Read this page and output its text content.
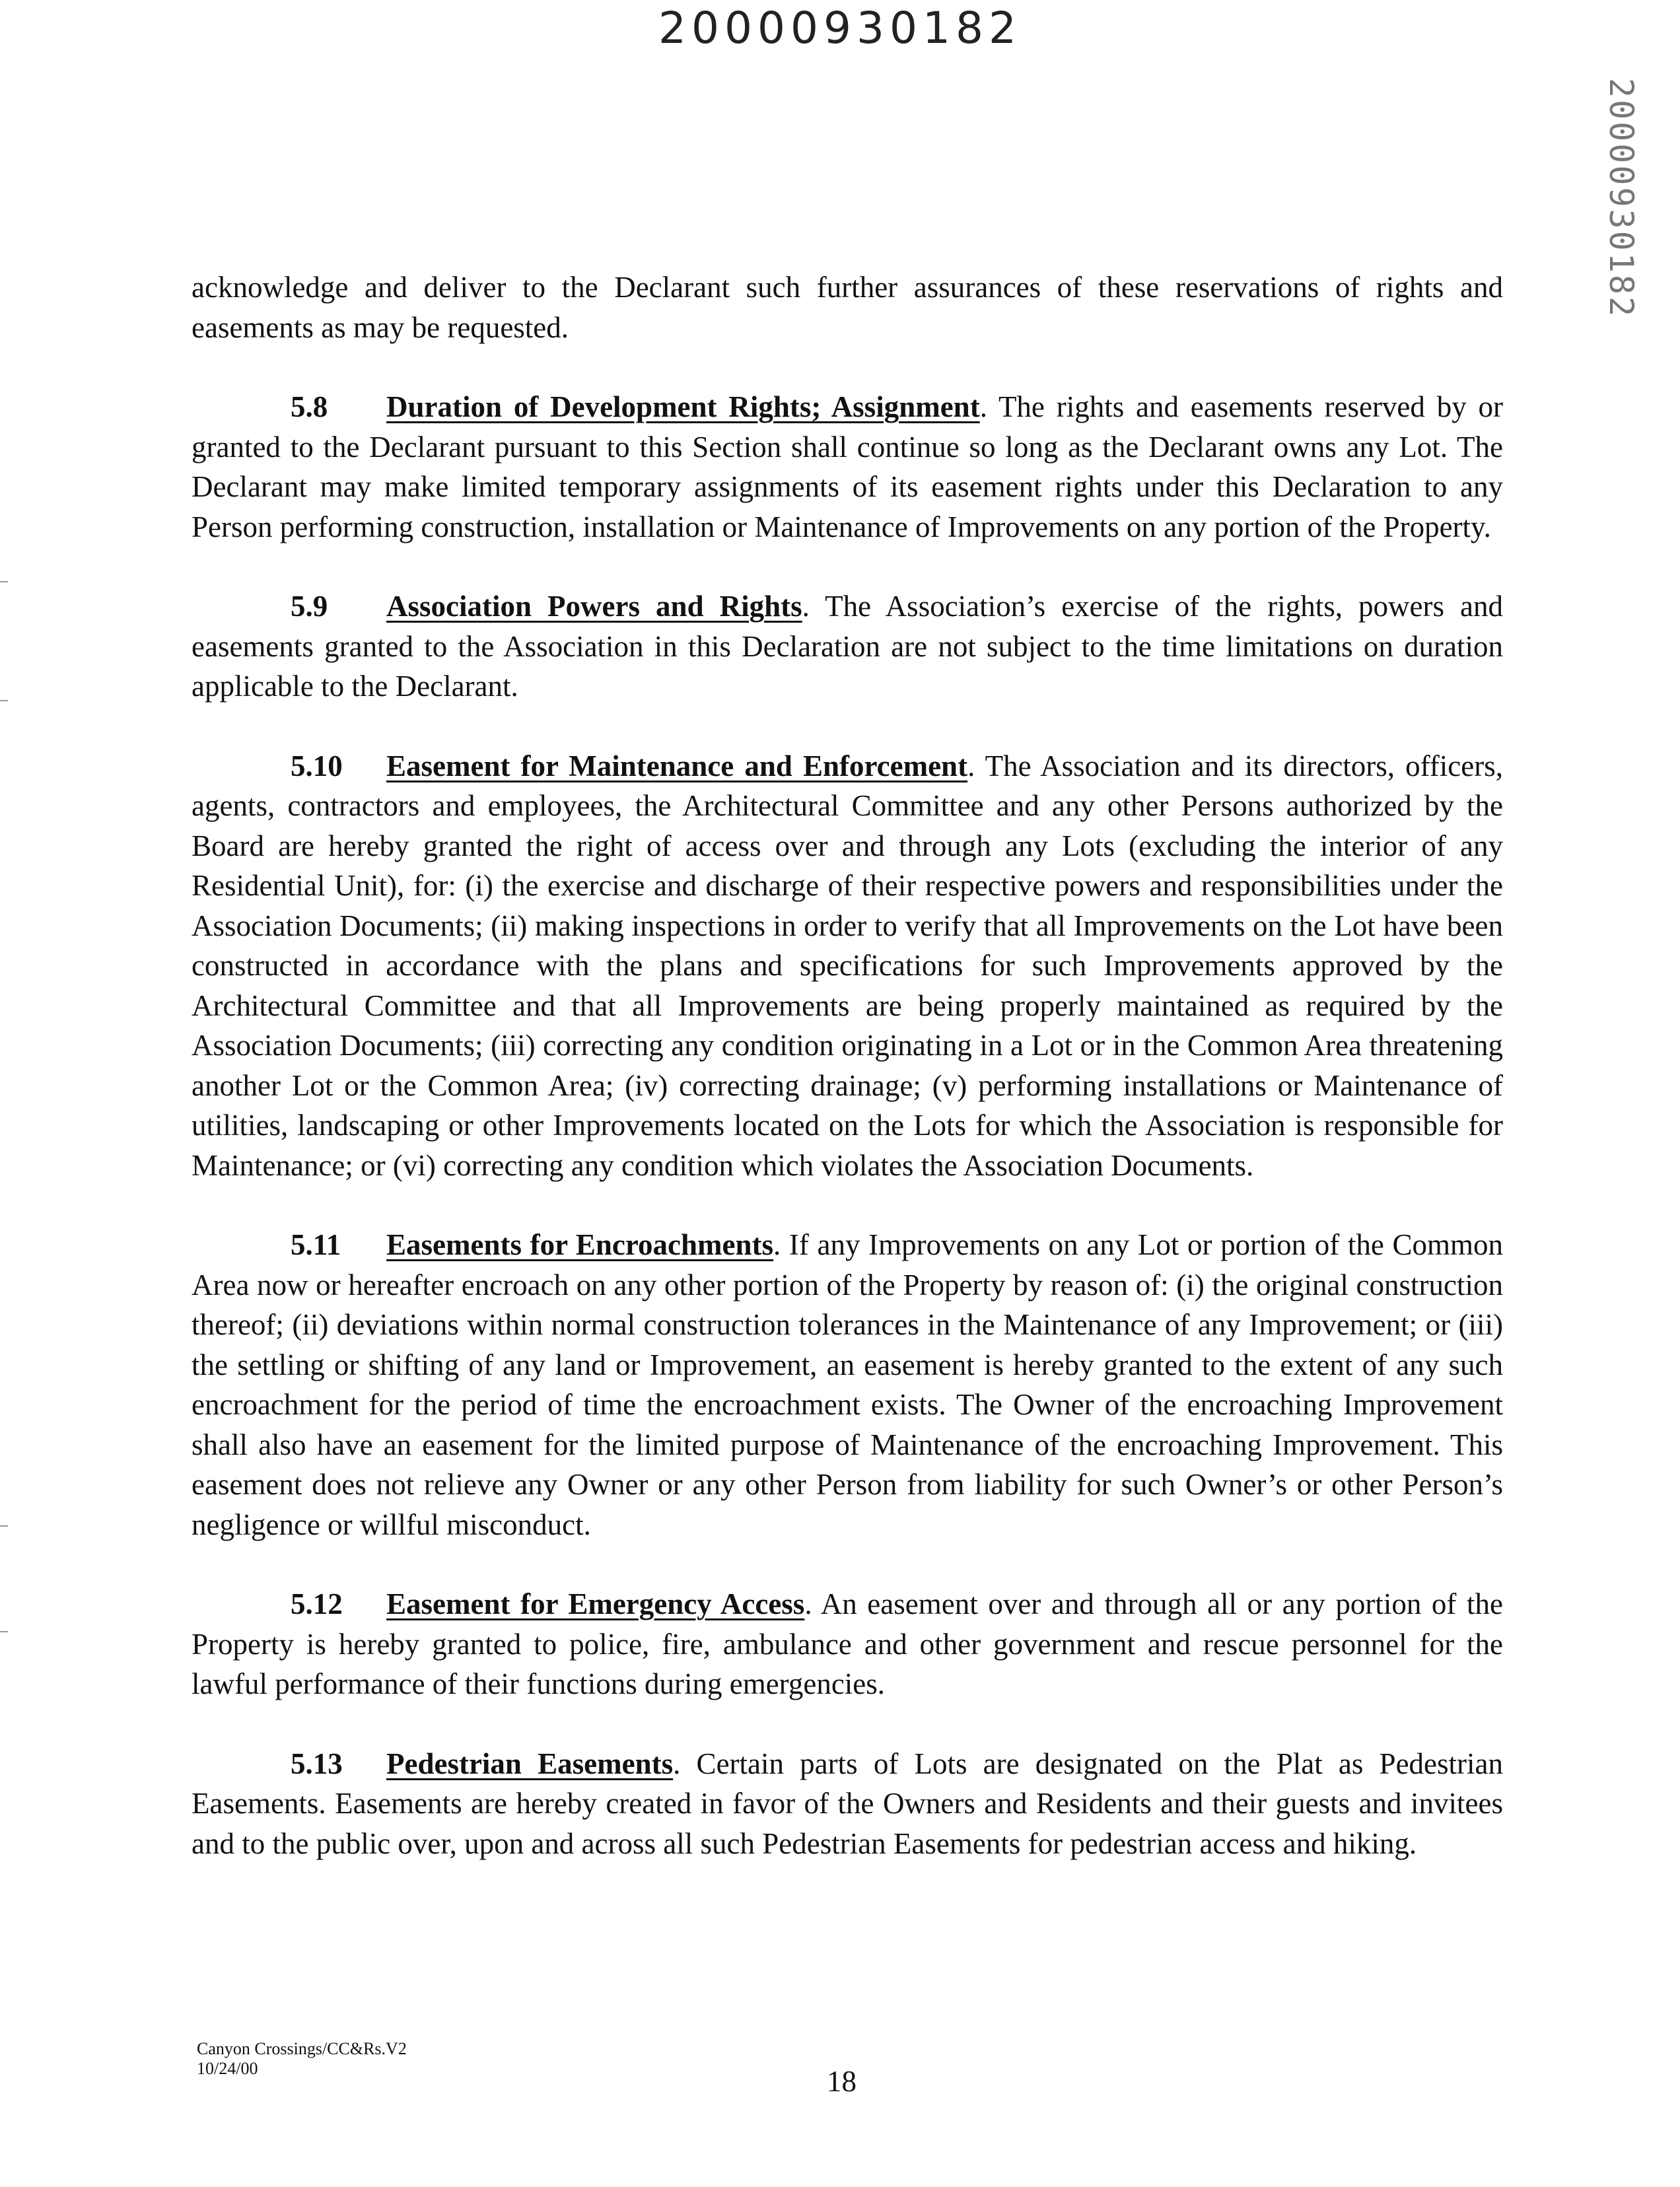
20000930182
20000930182

acknowledge and deliver to the Declarant such further assurances of these reservations of rights and easements as may be requested.

5.8 Duration of Development Rights; Assignment. The rights and easements reserved by or granted to the Declarant pursuant to this Section shall continue so long as the Declarant owns any Lot. The Declarant may make limited temporary assignments of its easement rights under this Declaration to any Person performing construction, installation or Maintenance of Improvements on any portion of the Property.

5.9 Association Powers and Rights. The Association’s exercise of the rights, powers and easements granted to the Association in this Declaration are not subject to the time limitations on duration applicable to the Declarant.

5.10 Easement for Maintenance and Enforcement. The Association and its directors, officers, agents, contractors and employees, the Architectural Committee and any other Persons authorized by the Board are hereby granted the right of access over and through any Lots (excluding the interior of any Residential Unit), for: (i) the exercise and discharge of their respective powers and responsibilities under the Association Documents; (ii) making inspections in order to verify that all Improvements on the Lot have been constructed in accordance with the plans and specifications for such Improvements approved by the Architectural Committee and that all Improvements are being properly maintained as required by the Association Documents; (iii) correcting any condition originating in a Lot or in the Common Area threatening another Lot or the Common Area; (iv) correcting drainage; (v) performing installations or Maintenance of utilities, landscaping or other Improvements located on the Lots for which the Association is responsible for Maintenance; or (vi) correcting any condition which violates the Association Documents.

5.11 Easements for Encroachments. If any Improvements on any Lot or portion of the Common Area now or hereafter encroach on any other portion of the Property by reason of: (i) the original construction thereof; (ii) deviations within normal construction tolerances in the Maintenance of any Improvement; or (iii) the settling or shifting of any land or Improvement, an easement is hereby granted to the extent of any such encroachment for the period of time the encroachment exists. The Owner of the encroaching Improvement shall also have an easement for the limited purpose of Maintenance of the encroaching Improvement. This easement does not relieve any Owner or any other Person from liability for such Owner’s or other Person’s negligence or willful misconduct.

5.12 Easement for Emergency Access. An easement over and through all or any portion of the Property is hereby granted to police, fire, ambulance and other government and rescue personnel for the lawful performance of their functions during emergencies.

5.13 Pedestrian Easements. Certain parts of Lots are designated on the Plat as Pedestrian Easements. Easements are hereby created in favor of the Owners and Residents and their guests and invitees and to the public over, upon and across all such Pedestrian Easements for pedestrian access and hiking.

Canyon Crossings/CC&Rs.V2
10/24/00	18
